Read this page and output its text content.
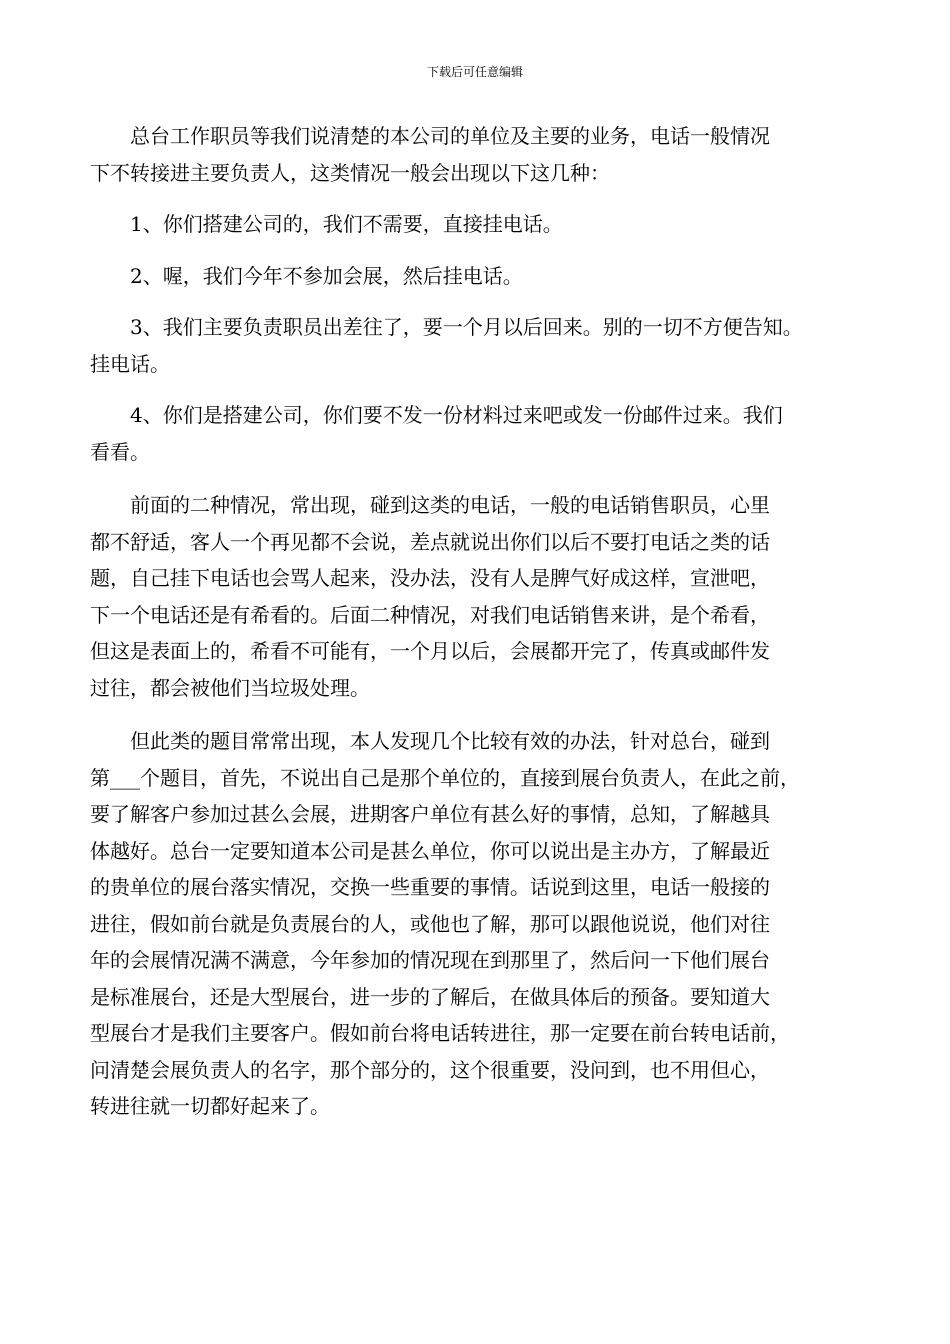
下载后可任意编辑

总台工作职员等我们说清楚的本公司的单位及主要的业务，电话一般情况
下不转接进主要负责人，这类情况一般会出现以下这几种：

1、你们搭建公司的，我们不需要，直接挂电话。

2、喔，我们今年不参加会展，然后挂电话。

3、我们主要负责职员出差往了，要一个月以后回来。别的一切不方便告知。
挂电话。

4、你们是搭建公司，你们要不发一份材料过来吧或发一份邮件过来。我们
看看。

前面的二种情况，常出现，碰到这类的电话，一般的电话销售职员，心里
都不舒适，客人一个再见都不会说，差点就说出你们以后不要打电话之类的话
题，自己挂下电话也会骂人起来，没办法，没有人是脾气好成这样，宣泄吧，
下一个电话还是有希看的。后面二种情况，对我们电话销售来讲，是个希看，
但这是表面上的，希看不可能有，一个月以后，会展都开完了，传真或邮件发
过往，都会被他们当垃圾处理。

但此类的题目常常出现，本人发现几个比较有效的办法，针对总台，碰到
第___个题目，首先，不说出自己是那个单位的，直接到展台负责人，在此之前，
要了解客户参加过甚么会展，进期客户单位有甚么好的事情，总知，了解越具
体越好。总台一定要知道本公司是甚么单位，你可以说出是主办方，了解最近
的贵单位的展台落实情况，交换一些重要的事情。话说到这里，电话一般接的
进往，假如前台就是负责展台的人，或他也了解，那可以跟他说说，他们对往
年的会展情况满不满意，今年参加的情况现在到那里了，然后问一下他们展台
是标准展台，还是大型展台，进一步的了解后，在做具体后的预备。要知道大
型展台才是我们主要客户。假如前台将电话转进往，那一定要在前台转电话前，
问清楚会展负责人的名字，那个部分的，这个很重要，没问到，也不用但心，
转进往就一切都好起来了。
